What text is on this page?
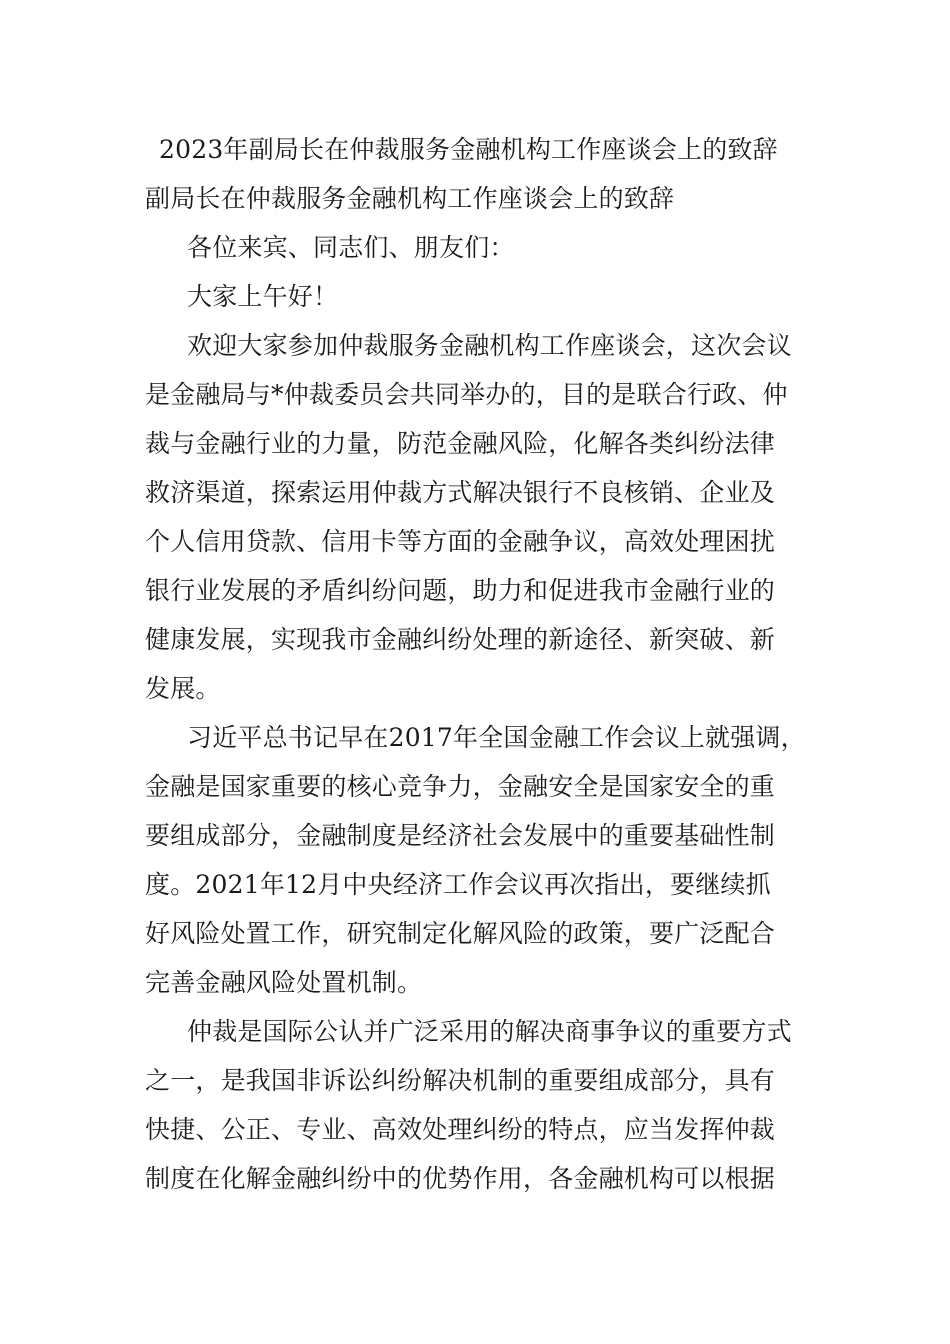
2023年副局长在仲裁服务金融机构工作座谈会上的致辞
副局长在仲裁服务金融机构工作座谈会上的致辞
各位来宾、同志们、朋友们：
大家上午好！
欢迎大家参加仲裁服务金融机构工作座谈会，这次会议
是金融局与*仲裁委员会共同举办的，目的是联合行政、仲
裁与金融行业的力量，防范金融风险，化解各类纠纷法律
救济渠道，探索运用仲裁方式解决银行不良核销、企业及
个人信用贷款、信用卡等方面的金融争议，高效处理困扰
银行业发展的矛盾纠纷问题，助力和促进我市金融行业的
健康发展，实现我市金融纠纷处理的新途径、新突破、新
发展。
习近平总书记早在2017年全国金融工作会议上就强调，
金融是国家重要的核心竞争力，金融安全是国家安全的重
要组成部分，金融制度是经济社会发展中的重要基础性制
度。2021年12月中央经济工作会议再次指出，要继续抓
好风险处置工作，研究制定化解风险的政策，要广泛配合
完善金融风险处置机制。
仲裁是国际公认并广泛采用的解决商事争议的重要方式
之一，是我国非诉讼纠纷解决机制的重要组成部分，具有
快捷、公正、专业、高效处理纠纷的特点，应当发挥仲裁
制度在化解金融纠纷中的优势作用，各金融机构可以根据
